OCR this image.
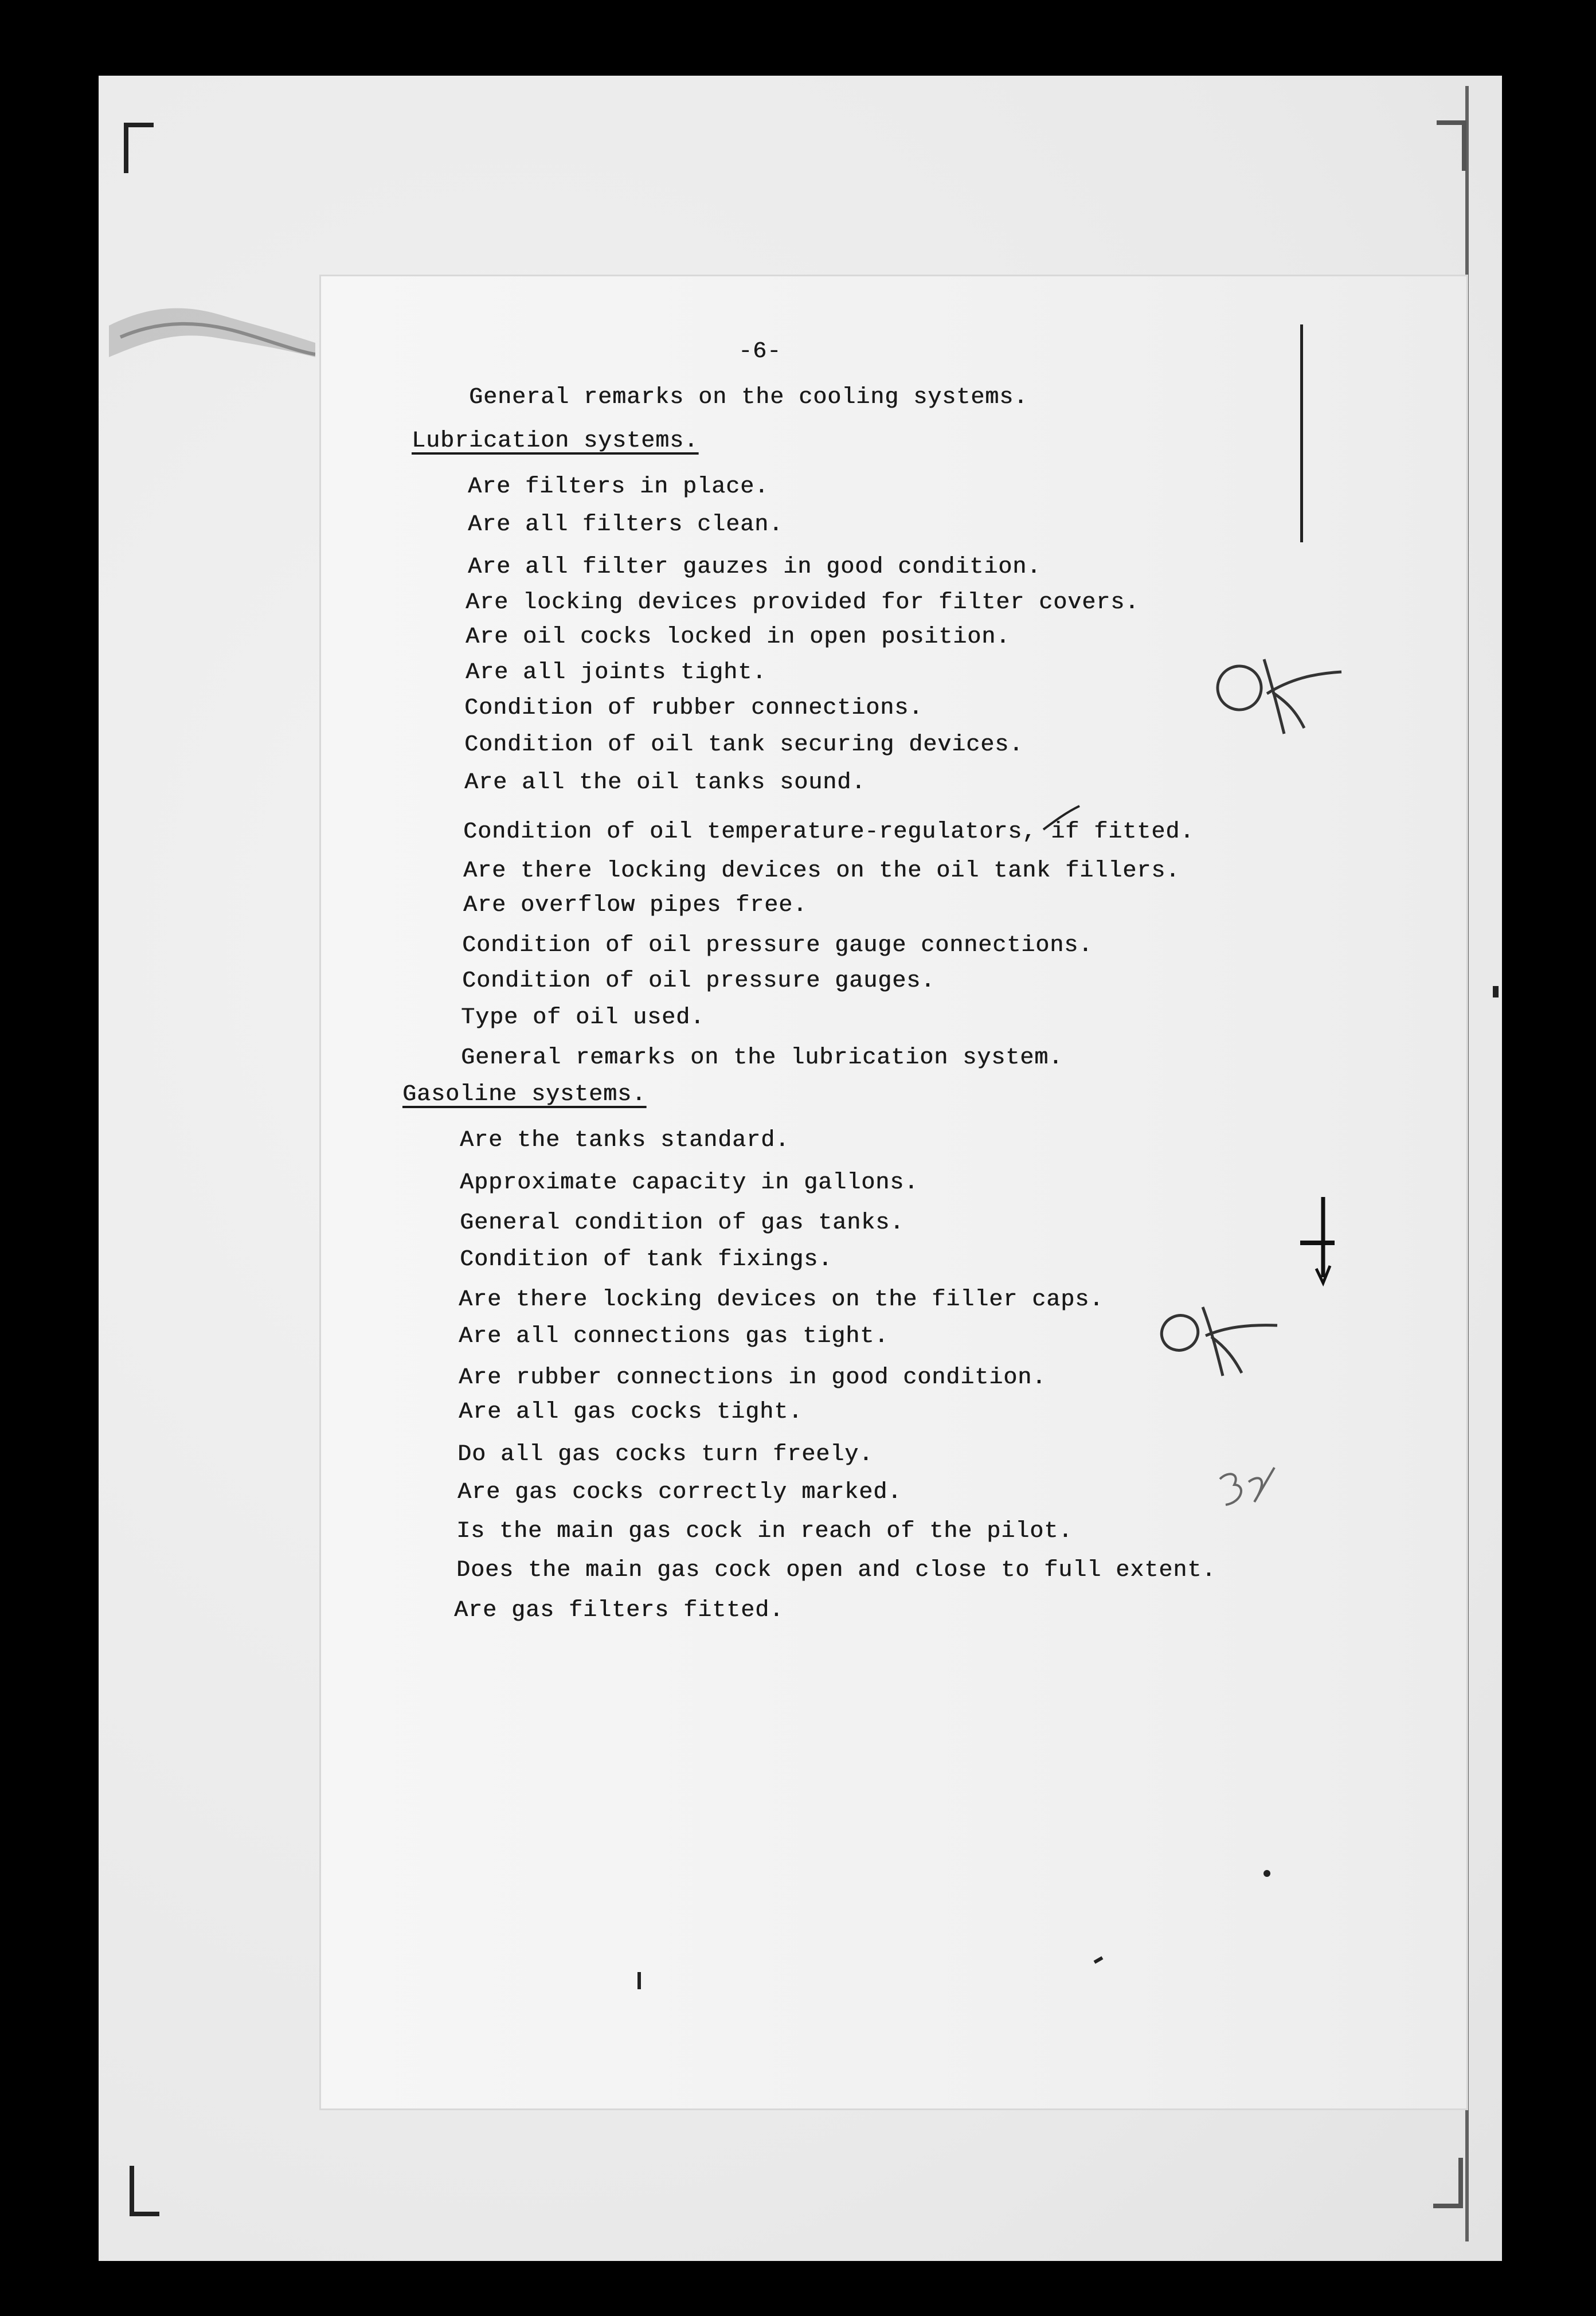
-6-
General remarks on the cooling systems.
Lubrication systems.
Are filters in place.
Are all filters clean.
Are all filter gauzes in good condition.
Are locking devices provided for filter covers.
Are oil cocks locked in open position.
Are all joints tight.
Condition of rubber connections.
Condition of oil tank securing devices.
Are all the oil tanks sound.
Condition of oil temperature-regulators, if fitted.
Are there locking devices on the oil tank fillers.
Are overflow pipes free.
Condition of oil pressure gauge connections.
Condition of oil pressure gauges.
Type of oil used.
General remarks on the lubrication system.
Gasoline systems.
Are the tanks standard.
Approximate capacity in gallons.
General condition of gas tanks.
Condition of tank fixings.
Are there locking devices on the filler caps.
Are all connections gas tight.
Are rubber connections in good condition.
Are all gas cocks tight.
Do all gas cocks turn freely.
Are gas cocks correctly marked.
Is the main gas cock in reach of the pilot.
Does the main gas cock open and close to full extent.
Are gas filters fitted.
